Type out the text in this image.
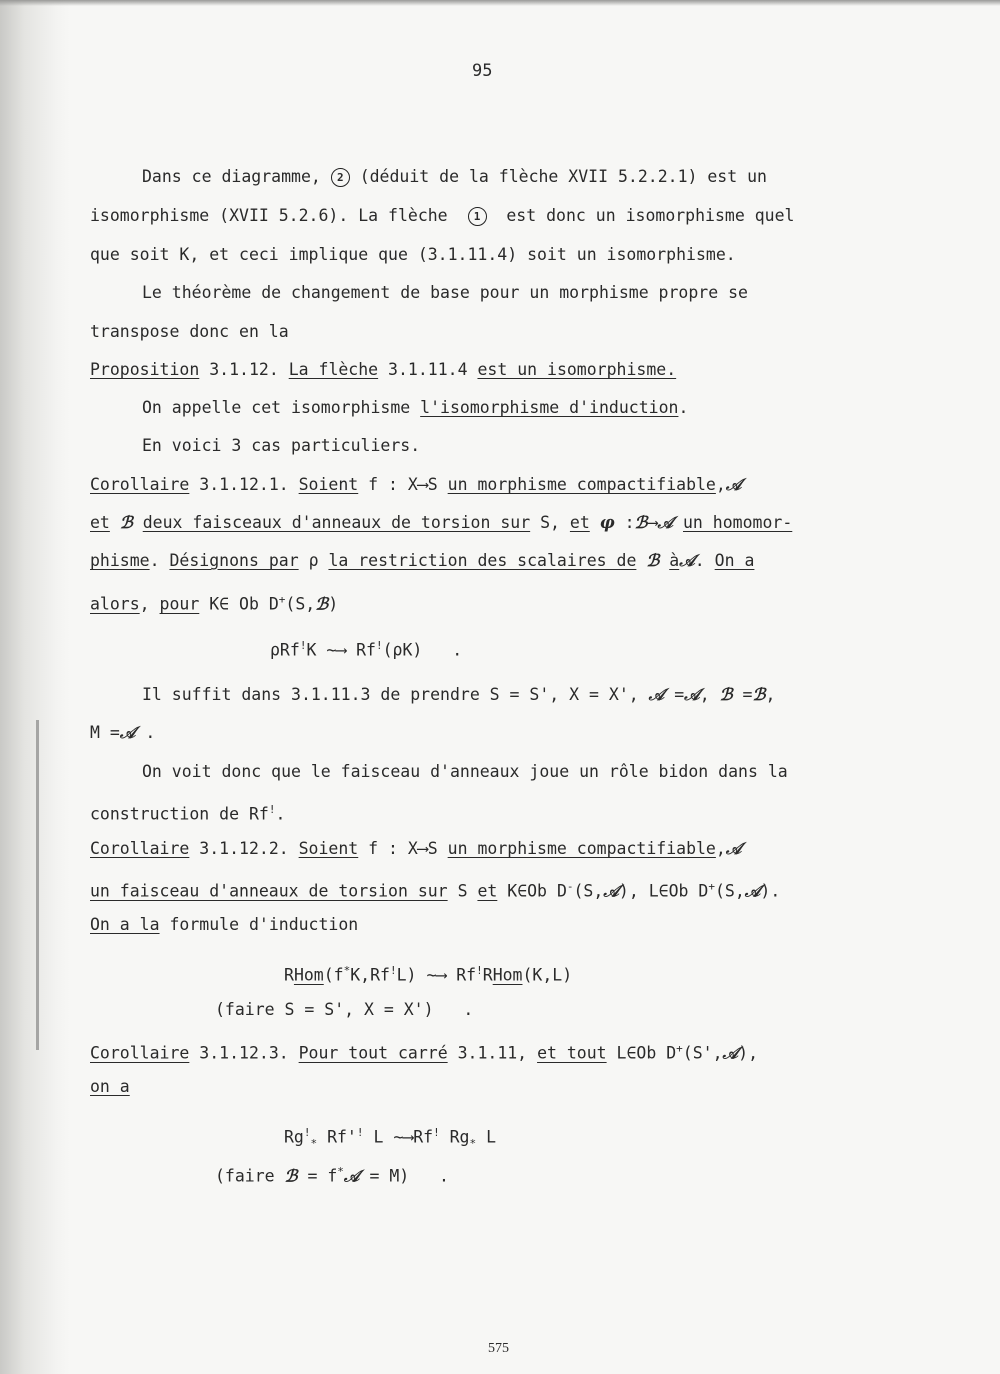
95
Dans ce diagramme, 2 (déduit de la flèche XVII 5.2.2.1) est un
isomorphisme (XVII 5.2.6). La flèche 1 est donc un isomorphisme quel
que soit K, et ceci implique que (3.1.11.4) soit un isomorphisme.
Le théorème de changement de base pour un morphisme propre se
transpose donc en la
Proposition 3.1.12. La flèche 3.1.11.4 est un isomorphisme.
On appelle cet isomorphisme l'isomorphisme d'induction.
En voici 3 cas particuliers.
Corollaire 3.1.12.1. Soient f : X⟶S un morphisme compactifiable,𝒜
et ℬ deux faisceaux d'anneaux de torsion sur S, et φ :ℬ⟶𝒜 un homomor-
phisme. Désignons par ρ la restriction des scalaires de ℬ à𝒜. On a
alors, pour K∈ Ob D+(S,ℬ)
ρRf!K ~⟶ Rf!(ρK) .
Il suffit dans 3.1.11.3 de prendre S = S', X = X', 𝒜 =𝒜, ℬ =ℬ,
M =𝒜 .
On voit donc que le faisceau d'anneaux joue un rôle bidon dans la
construction de Rf!.
Corollaire 3.1.12.2. Soient f : X⟶S un morphisme compactifiable,𝒜
un faisceau d'anneaux de torsion sur S et K∈Ob D-(S,𝒜), L∈Ob D+(S,𝒜).
On a la formule d'induction
RHom(f*K,Rf!L) ~⟶ Rf!RHom(K,L)
(faire S = S', X = X') .
Corollaire 3.1.12.3. Pour tout carré 3.1.11, et tout L∈Ob D+(S',𝒜),
on a
$Rg^!_*$ Rf'! L ~⟶Rf! $Rg_*$ L
(faire ℬ = f*𝒜 = M) .
575
